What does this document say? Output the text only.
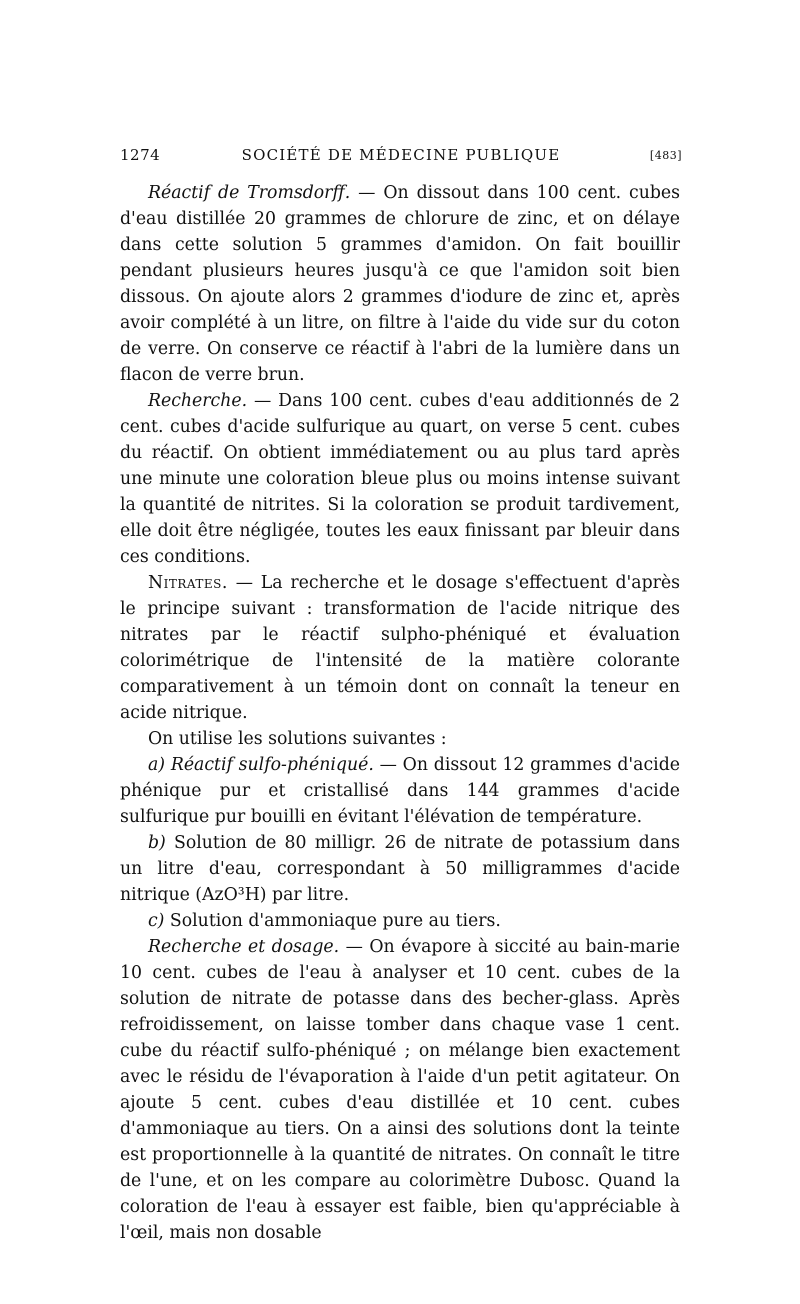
1274	SOCIÉTÉ DE MÉDECINE PUBLIQUE	[483]

Réactif de Tromsdorff. — On dissout dans 100 cent. cubes d'eau distillée 20 grammes de chlorure de zinc, et on délaye dans cette solution 5 grammes d'amidon. On fait bouillir pendant plusieurs heures jusqu'à ce que l'amidon soit bien dissous. On ajoute alors 2 grammes d'iodure de zinc et, après avoir complété à un litre, on filtre à l'aide du vide sur du coton de verre. On conserve ce réactif à l'abri de la lumière dans un flacon de verre brun.

Recherche. — Dans 100 cent. cubes d'eau additionnés de 2 cent. cubes d'acide sulfurique au quart, on verse 5 cent. cubes du réactif. On obtient immédiatement ou au plus tard après une minute une coloration bleue plus ou moins intense suivant la quantité de nitrites. Si la coloration se produit tardivement, elle doit être négligée, toutes les eaux finissant par bleuir dans ces conditions.

Nitrates. — La recherche et le dosage s'effectuent d'après le principe suivant : transformation de l'acide nitrique des nitrates par le réactif sulpho-phéniqué et évaluation colorimétrique de l'intensité de la matière colorante comparativement à un témoin dont on connaît la teneur en acide nitrique.

On utilise les solutions suivantes :

a) Réactif sulfo-phéniqué. — On dissout 12 grammes d'acide phénique pur et cristallisé dans 144 grammes d'acide sulfurique pur bouilli en évitant l'élévation de température.

b) Solution de 80 milligr. 26 de nitrate de potassium dans un litre d'eau, correspondant à 50 milligrammes d'acide nitrique (AzO³H) par litre.

c) Solution d'ammoniaque pure au tiers.

Recherche et dosage. — On évapore à siccité au bain-marie 10 cent. cubes de l'eau à analyser et 10 cent. cubes de la solution de nitrate de potasse dans des becher-glass. Après refroidissement, on laisse tomber dans chaque vase 1 cent. cube du réactif sulfo-phéniqué ; on mélange bien exactement avec le résidu de l'évaporation à l'aide d'un petit agitateur. On ajoute 5 cent. cubes d'eau distillée et 10 cent. cubes d'ammoniaque au tiers. On a ainsi des solutions dont la teinte est proportionnelle à la quantité de nitrates. On connaît le titre de l'une, et on les compare au colorimètre Dubosc. Quand la coloration de l'eau à essayer est faible, bien qu'appréciable à l'œil, mais non dosable
